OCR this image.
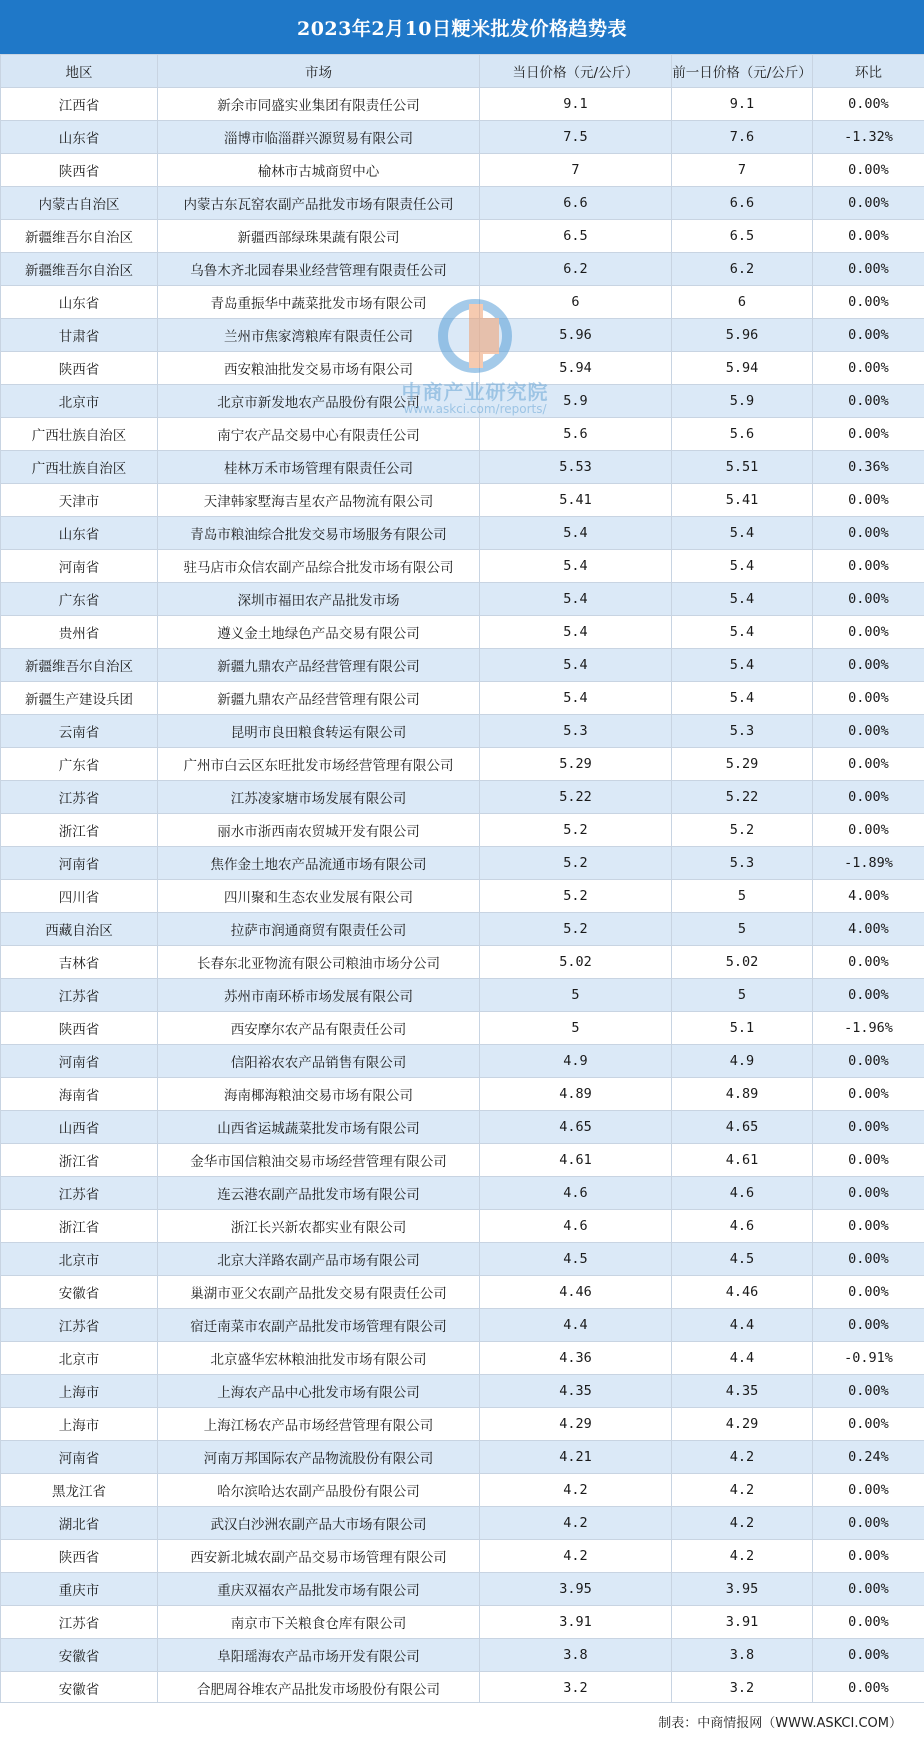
2023年2月10日粳米批发价格趋势表
地区	市场	当日价格（元/公斤）	前一日价格（元/公斤）	环比
江西省	新余市同盛实业集团有限责任公司	9.1	9.1	0.00%
山东省	淄博市临淄群兴源贸易有限公司	7.5	7.6	-1.32%
陕西省	榆林市古城商贸中心	7	7	0.00%
内蒙古自治区	内蒙古东瓦窑农副产品批发市场有限责任公司	6.6	6.6	0.00%
新疆维吾尔自治区	新疆西部绿珠果蔬有限公司	6.5	6.5	0.00%
新疆维吾尔自治区	乌鲁木齐北园春果业经营管理有限责任公司	6.2	6.2	0.00%
山东省	青岛重振华中蔬菜批发市场有限公司	6	6	0.00%
甘肃省	兰州市焦家湾粮库有限责任公司	5.96	5.96	0.00%
陕西省	西安粮油批发交易市场有限公司	5.94	5.94	0.00%
北京市	北京市新发地农产品股份有限公司	5.9	5.9	0.00%
广西壮族自治区	南宁农产品交易中心有限责任公司	5.6	5.6	0.00%
广西壮族自治区	桂林万禾市场管理有限责任公司	5.53	5.51	0.36%
天津市	天津韩家墅海吉星农产品物流有限公司	5.41	5.41	0.00%
山东省	青岛市粮油综合批发交易市场服务有限公司	5.4	5.4	0.00%
河南省	驻马店市众信农副产品综合批发市场有限公司	5.4	5.4	0.00%
广东省	深圳市福田农产品批发市场	5.4	5.4	0.00%
贵州省	遵义金土地绿色产品交易有限公司	5.4	5.4	0.00%
新疆维吾尔自治区	新疆九鼎农产品经营管理有限公司	5.4	5.4	0.00%
新疆生产建设兵团	新疆九鼎农产品经营管理有限公司	5.4	5.4	0.00%
云南省	昆明市良田粮食转运有限公司	5.3	5.3	0.00%
广东省	广州市白云区东旺批发市场经营管理有限公司	5.29	5.29	0.00%
江苏省	江苏凌家塘市场发展有限公司	5.22	5.22	0.00%
浙江省	丽水市浙西南农贸城开发有限公司	5.2	5.2	0.00%
河南省	焦作金土地农产品流通市场有限公司	5.2	5.3	-1.89%
四川省	四川聚和生态农业发展有限公司	5.2	5	4.00%
西藏自治区	拉萨市润通商贸有限责任公司	5.2	5	4.00%
吉林省	长春东北亚物流有限公司粮油市场分公司	5.02	5.02	0.00%
江苏省	苏州市南环桥市场发展有限公司	5	5	0.00%
陕西省	西安摩尔农产品有限责任公司	5	5.1	-1.96%
河南省	信阳裕农农产品销售有限公司	4.9	4.9	0.00%
海南省	海南椰海粮油交易市场有限公司	4.89	4.89	0.00%
山西省	山西省运城蔬菜批发市场有限公司	4.65	4.65	0.00%
浙江省	金华市国信粮油交易市场经营管理有限公司	4.61	4.61	0.00%
江苏省	连云港农副产品批发市场有限公司	4.6	4.6	0.00%
浙江省	浙江长兴新农都实业有限公司	4.6	4.6	0.00%
北京市	北京大洋路农副产品市场有限公司	4.5	4.5	0.00%
安徽省	巢湖市亚父农副产品批发交易有限责任公司	4.46	4.46	0.00%
江苏省	宿迁南菜市农副产品批发市场管理有限公司	4.4	4.4	0.00%
北京市	北京盛华宏林粮油批发市场有限公司	4.36	4.4	-0.91%
上海市	上海农产品中心批发市场有限公司	4.35	4.35	0.00%
上海市	上海江杨农产品市场经营管理有限公司	4.29	4.29	0.00%
河南省	河南万邦国际农产品物流股份有限公司	4.21	4.2	0.24%
黑龙江省	哈尔滨哈达农副产品股份有限公司	4.2	4.2	0.00%
湖北省	武汉白沙洲农副产品大市场有限公司	4.2	4.2	0.00%
陕西省	西安新北城农副产品交易市场管理有限公司	4.2	4.2	0.00%
重庆市	重庆双福农产品批发市场有限公司	3.95	3.95	0.00%
江苏省	南京市下关粮食仓库有限公司	3.91	3.91	0.00%
安徽省	阜阳瑶海农产品市场开发有限公司	3.8	3.8	0.00%
安徽省	合肥周谷堆农产品批发市场股份有限公司	3.2	3.2	0.00%
中商产业研究院
www.askci.com/reports/
制表：中商情报网（WWW.ASKCI.COM）
